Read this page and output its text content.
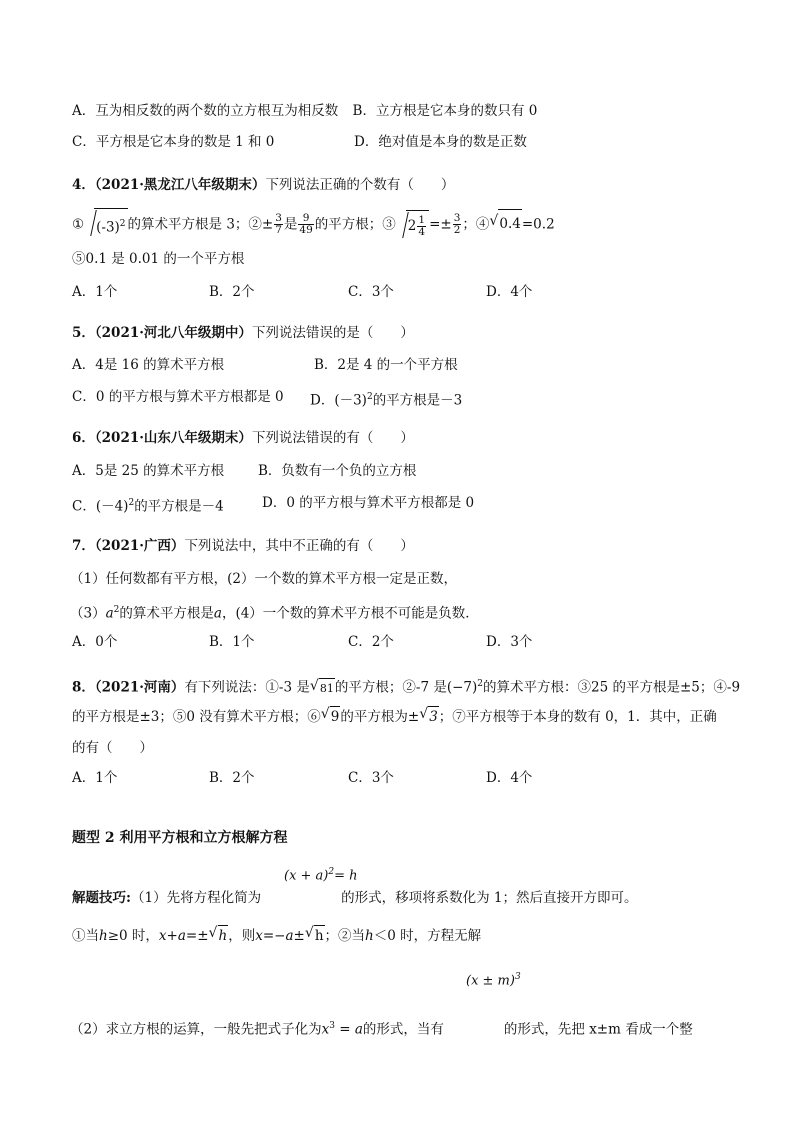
A．互为相反数的两个数的立方根互为相反数 B．立方根是它本身的数只有 0
C．平方根是它本身的数是 1 和 0	D．绝对值是本身的数是正数
4．（2021·黑龙江八年级期末）下列说法正确的个数有（　　）
① $(-3)^2$ 的算术平方根是 3；②± $\frac{3}{7}$ 是 $\frac{9}{49}$ 的平方根；③ $2 \frac{1}{4} =\pm \frac{3}{2}$ ；④ √ 0.4=0.2
⑤0.1 是 0.01 的一个平方根
A．1个	B．2个	C．3个	D．4个
5．（2021·河北八年级期中）下列说法错误的是（　　）
A．4是 16 的算术平方根	B．2是 4 的一个平方根
C．0 的平方根与算术平方根都是 0 D．$(-3)^2$的平方根是－3
6．（2021·山东八年级期末）下列说法错误的有（　　）
A．5是 25 的算术平方根	B．负数有一个负的立方根
C．$(-4)^2$的平方根是－4	D．0 的平方根与算术平方根都是 0
7．（2021·广西）下列说法中，其中不正确的有（　　）
（1）任何数都有平方根，(2）一个数的算术平方根一定是正数，
$(3)a^2$的算术平方根是a，(4）一个数的算术平方根不可能是负数．
A．0个	B．1个	C．2个	D．3个
8．（2021·河南）有下列说法：①-3 是 √ 81的平方根；②-7 是$(-7)^2$的算术平方根：③25 的平方根是±5；④-9
的平方根是±3；⑤0 没有算术平方根；⑥ √ 9的平方根为± √ 3；⑦平方根等于本身的数有 0，1．其中，正确
的有（　　）
A．1个	B．2个	C．3个	D．4个
题型 2 利用平方根和立方根解方程
$(x + a)^2= h$
解题技巧:（1）先将方程化简为	的形式，移项将系数化为 1；然后直接开方即可。
①当h≥0 时，x+a=± √ h，则x=−a± √ h；②当h＜0 时，方程无解
$(x \pm m)^3$
（2）求立方根的运算，一般先把式子化为$x^3 = a$的形式，当有	的形式，先把 x±m 看成一个整
